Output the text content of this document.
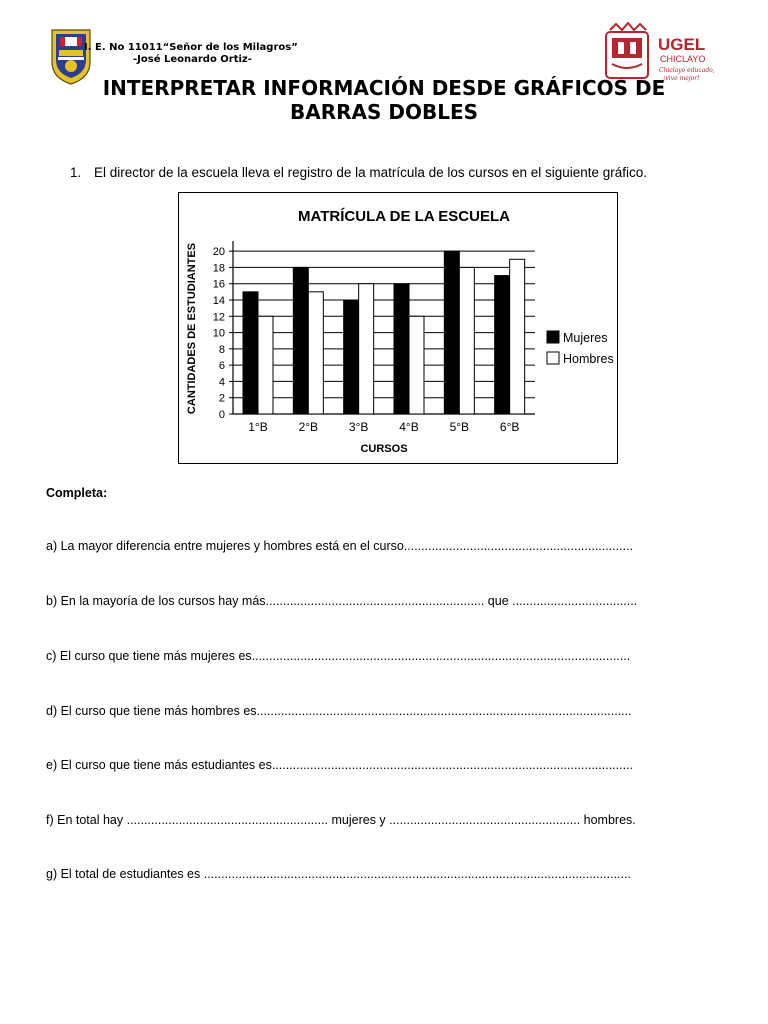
I. E. No 11011“Señor de los Milagros”
-José Leonardo Ortiz-
UGEL
CHICLAYO
Chiclayo educado,
¡vive mejor!
INTERPRETAR INFORMACIÓN DESDE GRÁFICOS DE
BARRAS DOBLES
1. El director de la escuela lleva el registro de la matrícula de los cursos en el siguiente gráfico.
MATRÍCULA DE LA ESCUELA
CANTIDADES DE ESTUDIANTES
0
2
4
6
8
10
12
14
16
18
20
1°B	2°B	3°B	4°B	5°B	6°B
CURSOS
Mujeres
Hombres
Completa:
a) La mayor diferencia entre mujeres y hombres está en el curso..................................................................
b) En la mayoría de los cursos hay más............................................................... que ....................................
c) El curso que tiene más mujeres es.............................................................................................................
d) El curso que tiene más hombres es............................................................................................................
e) El curso que tiene más estudiantes es........................................................................................................
f) En total hay .......................................................... mujeres y ....................................................... hombres.
g) El total de estudiantes es ...........................................................................................................................
